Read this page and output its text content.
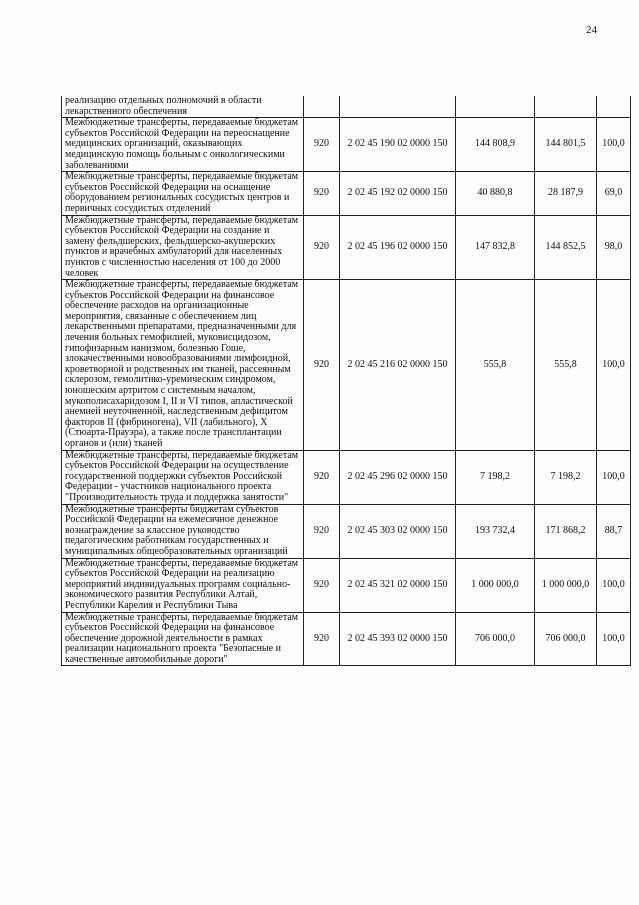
24
реализацию отдельных полномочий в области лекарственного обеспечения					
Межбюджетные трансферты, передаваемые бюджетам субъектов Российской Федерации на переоснащение медицинских организаций, оказывающих медицинскую помощь больным с онкологическими заболеваниями	920	2 02 45 190 02 0000 150	144 808,9	144 801,5	100,0
Межбюджетные трансферты, передаваемые бюджетам субъектов Российской Федерации на оснащение оборудованием региональных сосудистых центров и первичных сосудистых отделений	920	2 02 45 192 02 0000 150	40 880,8	28 187,9	69,0
Межбюджетные трансферты, передаваемые бюджетам субъектов Российской Федерации на создание и замену фельдшерских, фельдшерско-акушерских пунктов и врачебных амбулаторий для населенных пунктов с численностью населения от 100 до 2000 человек	920	2 02 45 196 02 0000 150	147 832,8	144 852,5	98,0
Межбюджетные трансферты, передаваемые бюджетам субъектов Российской Федерации на финансовое обеспечение расходов на организационные мероприятия, связанные с обеспечением лиц лекарственными препаратами, предназначенными для лечения больных гемофилией, муковисцидозом, гипофизарным нанизмом, болезнью Гоше, злокачественными новообразованиями лимфоидной, кроветворной и родственных им тканей, рассеянным склерозом, гемолитико-уремическим синдромом, юношеским артритом с системным началом, мукополисахаридозом I, II и VI типов, апластической анемией неуточненной, наследственным дефицитом факторов II (фибриногена), VII (лабильного), X (Стюарта-Прауэра), а также после трансплантации органов и (или) тканей	920	2 02 45 216 02 0000 150	555,8	555,8	100,0
Межбюджетные трансферты, передаваемые бюджетам субъектов Российской Федерации на осуществление государственной поддержки субъектов Российской Федерации - участников национального проекта "Производительность труда и поддержка занятости"	920	2 02 45 296 02 0000 150	7 198,2	7 198,2	100,0
Межбюджетные трансферты бюджетам субъектов Российской Федерации на ежемесячное денежное вознаграждение за классное руководство педагогическим работникам государственных и муниципальных общеобразовательных организаций	920	2 02 45 303 02 0000 150	193 732,4	171 868,2	88,7
Межбюджетные трансферты, передаваемые бюджетам субъектов Российской Федерации на реализацию мероприятий индивидуальных программ социально-экономического развития Республики Алтай, Республики Карелия и Республики Тыва	920	2 02 45 321 02 0000 150	1 000 000,0	1 000 000,0	100,0
Межбюджетные трансферты, передаваемые бюджетам субъектов Российской Федерации на финансовое обеспечение дорожной деятельности в рамках реализации национального проекта "Безопасные и качественные автомобильные дороги"	920	2 02 45 393 02 0000 150	706 000,0	706 000,0	100,0
